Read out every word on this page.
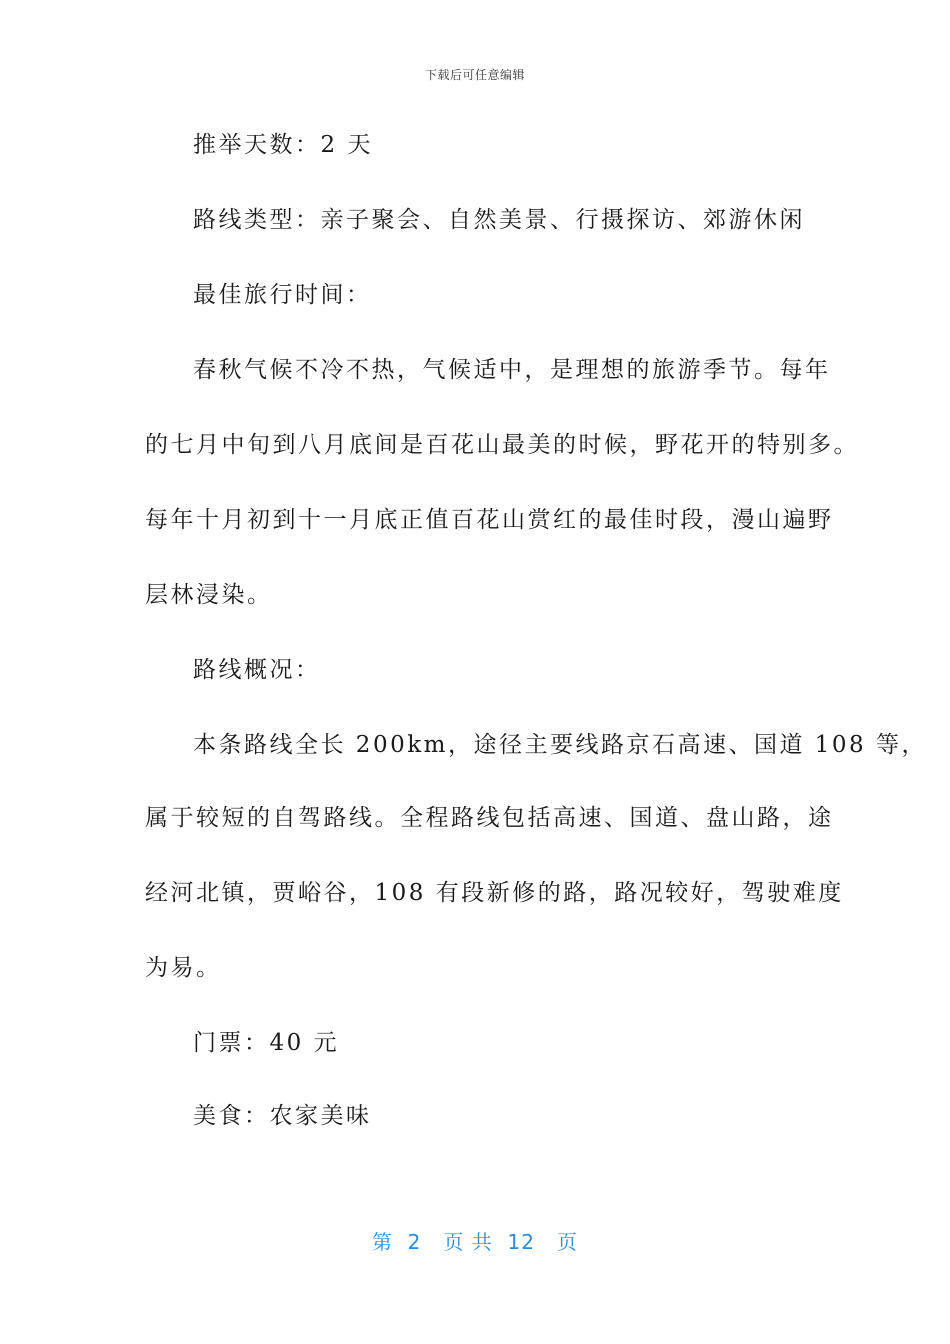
下载后可任意编辑
推举天数：2 天
路线类型：亲子聚会、自然美景、行摄探访、郊游休闲
最佳旅行时间：
春秋气候不冷不热，气候适中，是理想的旅游季节。每年
的七月中旬到八月底间是百花山最美的时候，野花开的特别多。
每年十月初到十一月底正值百花山赏红的最佳时段，漫山遍野
层林浸染。
路线概况：
本条路线全长 200km，途径主要线路京石高速、国道 108 等，
属于较短的自驾路线。全程路线包括高速、国道、盘山路，途
经河北镇，贾峪谷，108 有段新修的路，路况较好，驾驶难度
为易。
门票：40 元
美食：农家美味
第  2   页 共  12   页
